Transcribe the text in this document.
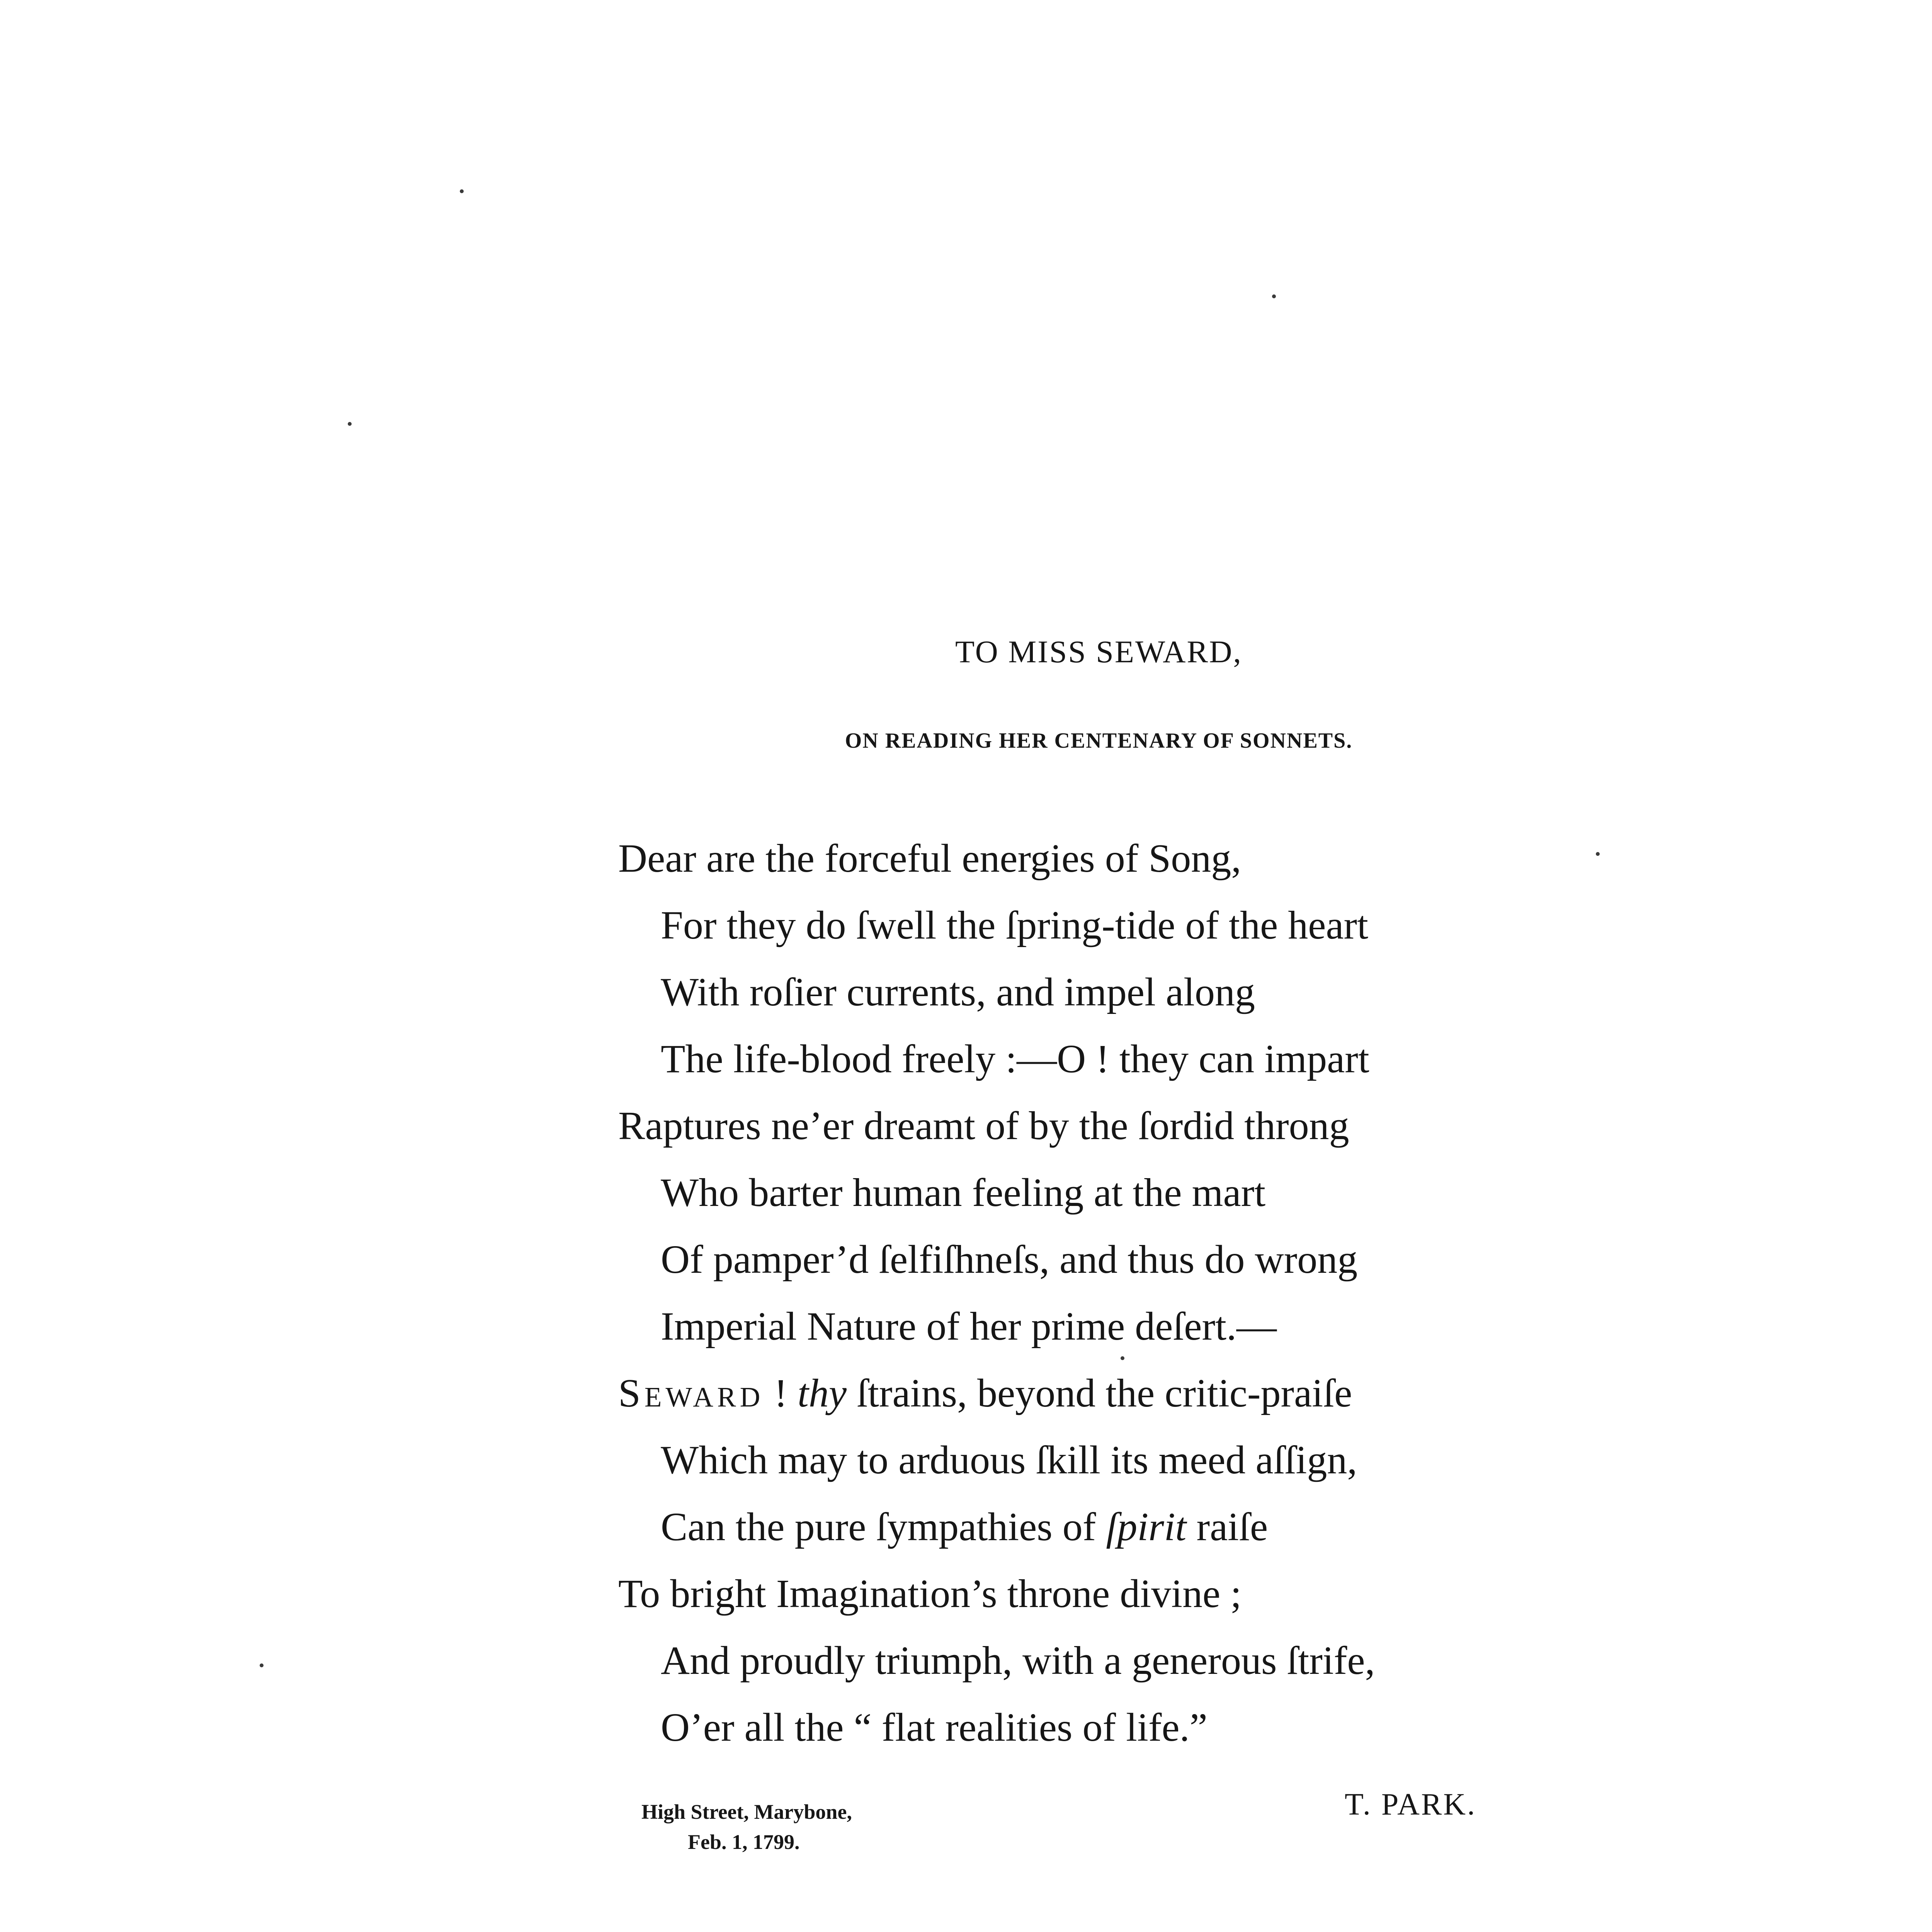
TO MISS SEWARD,
ON READING HER CENTENARY OF SONNETS.
Dear are the forceful energies of Song,
For they do ſwell the ſpring-tide of the heart
With roſier currents, and impel along
The life-blood freely :—O ! they can impart
Raptures ne’er dreamt of by the ſordid throng
Who barter human feeling at the mart
Of pamper’d ſelfiſhneſs, and thus do wrong
Imperial Nature of her prime deſert.—
Seward ! thy ſtrains, beyond the critic-praiſe
Which may to arduous ſkill its meed aſſign,
Can the pure ſympathies of ſpirit raiſe
To bright Imagination’s throne divine ;
And proudly triumph, with a generous ſtrife,
O’er all the “ flat realities of life.”
High Street, Marybone,
Feb. 1, 1799.
T. PARK.
